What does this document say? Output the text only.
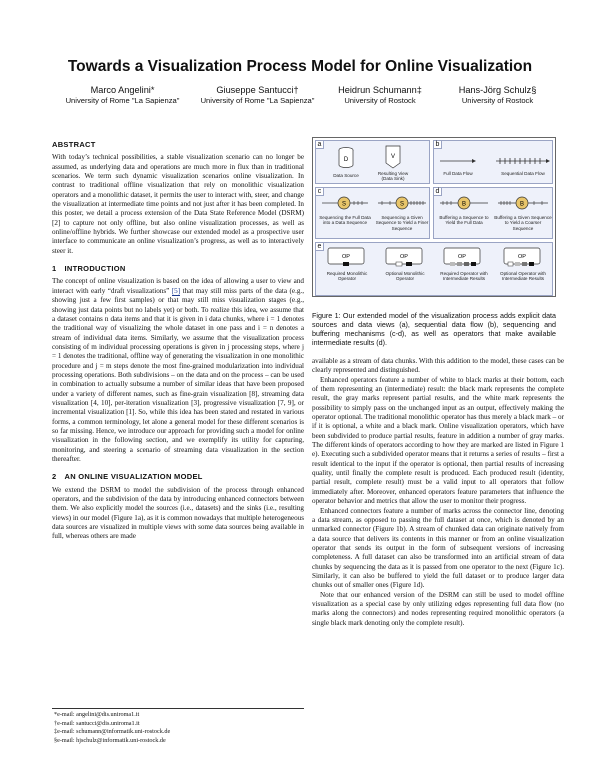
Towards a Visualization Process Model for Online Visualization
Marco Angelini*
University of Rome "La Sapienza"
Giuseppe Santucci†
University of Rome "La Sapienza"
Heidrun Schumann‡
University of Rostock
Hans-Jörg Schulz§
University of Rostock
ABSTRACT

With today’s technical possibilities, a stable visualization scenario can no longer be assumed, as underlying data and operations are much more in flux than in traditional scenarios. We term such dynamic visualization scenarios online visualization. In contrast to traditional offline visualization that rely on monolithic visualization operators and a monolithic dataset, it permits the user to interact with, steer, and change the visualization at intermediate time points and not just after it has been completed. In this poster, we detail a process extension of the Data State Reference Model (DSRM) [2] to capture not only offline, but also online visualization processes, as well as online/offline hybrids. We further showcase our extended model as a prospective user interface to communicate an online visualization’s progress, as well as to interactively steer it.

1 INTRODUCTION

The concept of online visualization is based on the idea of allowing a user to view and interact with early “draft visualizations” [5] that may still miss parts of the data (e.g., showing just a few first samples) or that may still miss visualization stages (e.g., showing just data points but no labels yet) or both. To realize this idea, we assume that a dataset contains n data items and that it is given in i data chunks, where i = 1 denotes the traditional way of visualizing the whole dataset in one pass and i = n denotes a stream of individual data items. Similarly, we assume that the visualization process consisting of m individual processing operations is given in j processing steps, where j = 1 denotes the traditional, offline way of generating the visualization in one monolithic procedure and j = m steps denote the most fine-grained modularization into individual processing operations. Both subdivisions – on the data and on the process – can be used in combination to actually subsume a number of similar ideas that have been proposed under a variety of different names, such as fine-grain visualization [8], streaming data visualization [4, 10], per-iteration visualization [3], progressive visualization [7, 9], or incremental visualization [1]. So, while this idea has been stated and restated in various forms, a common terminology, let alone a general model for these different scenarios is so far missing. Hence, we introduce our approach for providing such a model for online visualization in the following section, and we exemplify its utility for capturing, monitoring, and steering a scenario of streaming data visualization in the section thereafter.

2 AN ONLINE VISUALIZATION MODEL

We extend the DSRM to model the subdivision of the process through enhanced operators, and the subdivision of the data by introducing enhanced connectors between them. We also explicitly model the sources (i.e., datasets) and the sinks (i.e., resulting views) in our model (Figure 1a), as it is common nowadays that multiple heterogeneous data sources are visualized in multiple views with some data sources being available in full, whereas others are made

*e-mail: angelini@dis.uniroma1.it
†e-mail: santucci@dis.uniroma1.it
‡e-mail: schumann@informatik.uni-rostock.de
§e-mail: hjschulz@informatik.uni-rostock.de
a
D	V
Data Source	Resulting View (Data Sink)
b
Full Data Flow	Sequential Data Flow
c
S	S
Sequencing the Full Data into a Data Sequence
Sequencing a Given Sequence to Yield a Finer Sequence
d
B	B
Buffering a Sequence to Yield the Full Data
Buffering a Given Sequence to Yield a Coarser Sequence
e
OP	OP	OP	OP
Required Monolithic Operator
Optional Monolithic Operator
Required Operator with Intermediate Results
Optional Operator with Intermediate Results
Figure 1: Our extended model of the visualization process adds explicit data sources and data views (a), sequential data flow (b), sequencing and buffering mechanisms (c-d), as well as operators that make available intermediate results (d).

available as a stream of data chunks. With this addition to the model, these cases can be clearly represented and distinguished.

Enhanced operators feature a number of white to black marks at their bottom, each of them representing an (intermediate) result: the black mark represents the complete result, the gray marks represent partial results, and the white mark represents the possibility to simply pass on the unchanged input as an output, effectively making the operator optional. The traditional monolithic operator has thus merely a black mark – or if it is optional, a white and a black mark. Online visualization operators, which have been subdivided to produce partial results, feature in addition a number of gray marks. The different kinds of operators according to how they are marked are listed in Figure 1 e). Executing such a subdivided operator means that it returns a series of results – first a result identical to the input if the operator is optional, then partial results of increasing quality, until finally the complete result is produced. Each produced result (identity, partial result, complete result) must be a valid input to all operators that follow immediately after. Moreover, enhanced operators feature parameters that influence the operator behavior and metrics that allow the user to monitor their progress.

Enhanced connectors feature a number of marks across the connector line, denoting a data stream, as opposed to passing the full dataset at once, which is denoted by an unmarked connector (Figure 1b). A stream of chunked data can originate natively from a data source that delivers its contents in this manner or from an online visualization operator that sends its output in the form of subsequent versions of increasing completeness. A full dataset can also be transformed into an artificial stream of data chunks by sequencing the data as it is passed from one operator to the next (Figure 1c). Similarly, it can also be buffered to yield the full dataset or to produce larger data chunks out of smaller ones (Figure 1d).

Note that our enhanced version of the DSRM can still be used to model offline visualization as a special case by only utilizing edges representing full data flow (no marks along the connectors) and nodes representing required monolithic operators (a single black mark denoting only the complete result).
